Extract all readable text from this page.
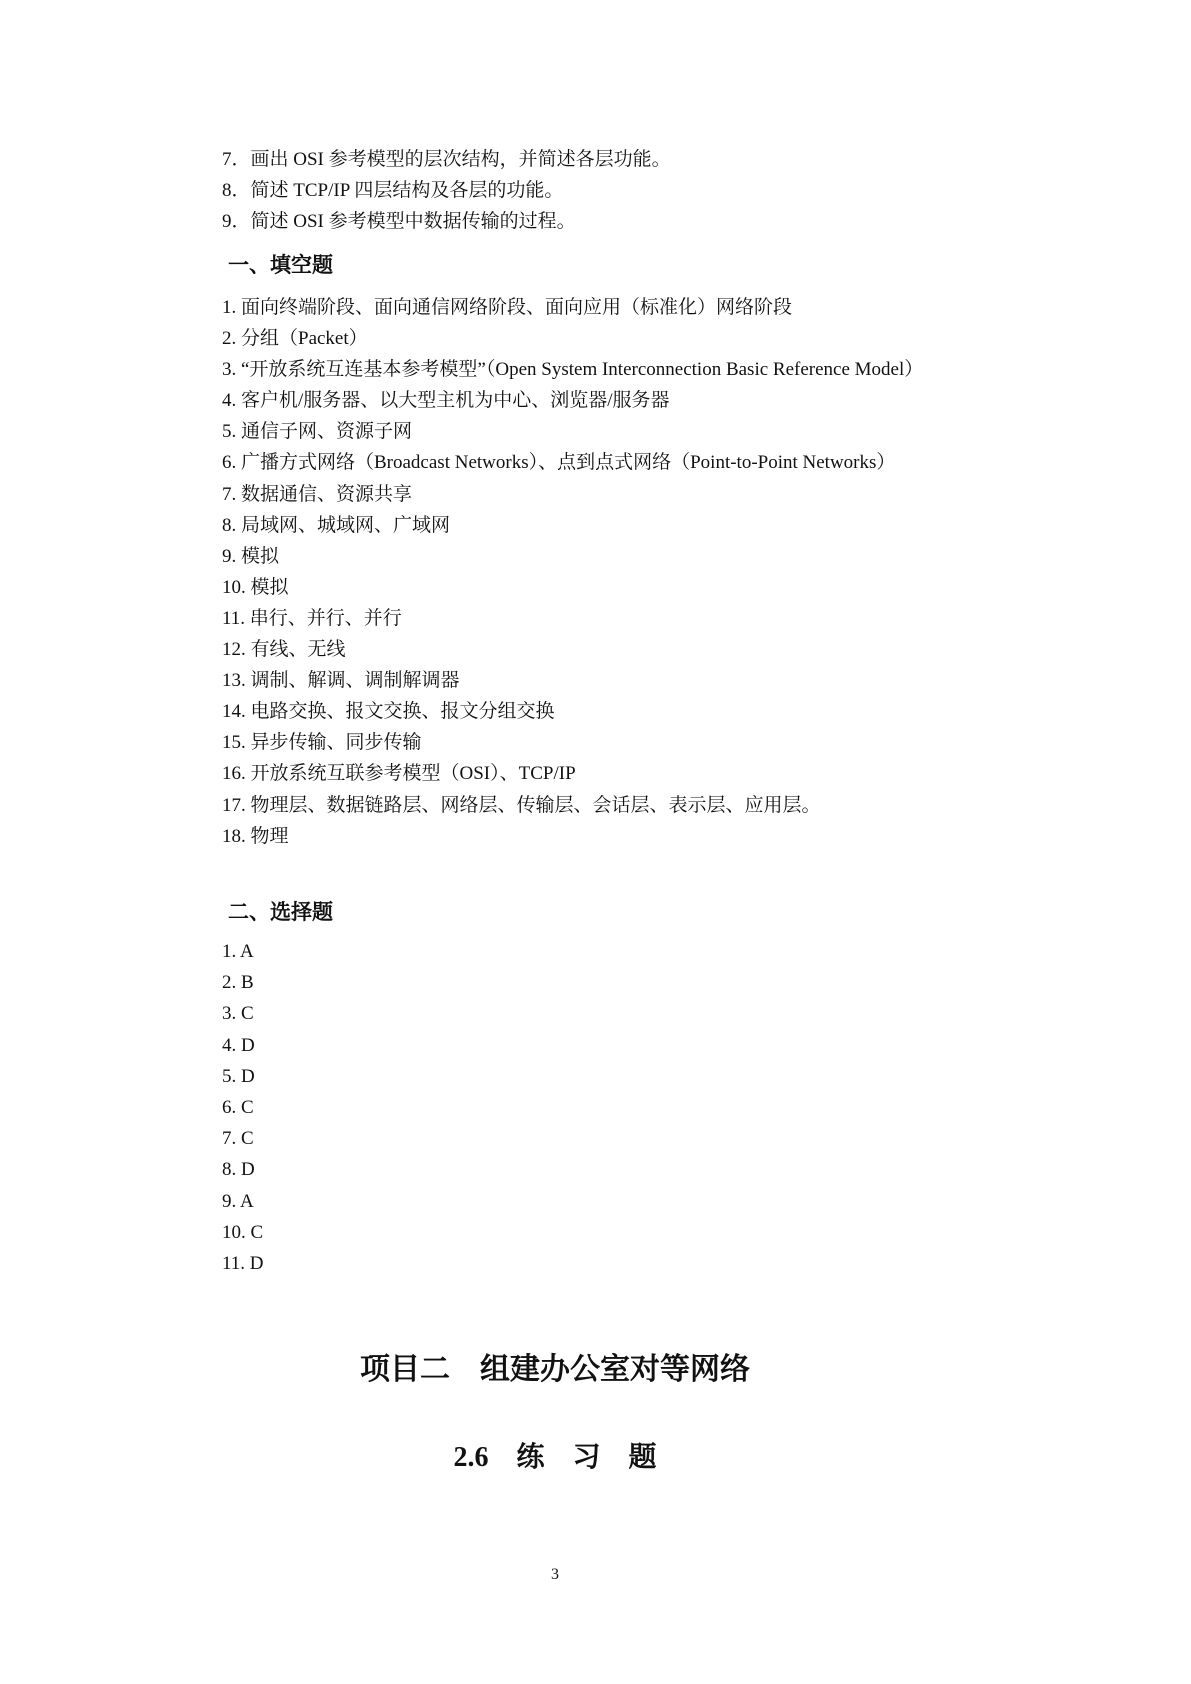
7．画出 OSI 参考模型的层次结构，并简述各层功能。
8．简述 TCP/IP 四层结构及各层的功能。
9．简述 OSI 参考模型中数据传输的过程。
一、填空题
1. 面向终端阶段、面向通信网络阶段、面向应用（标准化）网络阶段
2. 分组（Packet）
3. “开放系统互连基本参考模型”（Open System Interconnection Basic Reference Model）
4. 客户机/服务器、以大型主机为中心、浏览器/服务器
5. 通信子网、资源子网
6. 广播方式网络（Broadcast Networks）、点到点式网络（Point-to-Point Networks）
7. 数据通信、资源共享
8. 局域网、城域网、广域网
9. 模拟
10. 模拟
11. 串行、并行、并行
12. 有线、无线
13. 调制、解调、调制解调器
14. 电路交换、报文交换、报文分组交换
15. 异步传输、同步传输
16. 开放系统互联参考模型（OSI）、TCP/IP
17. 物理层、数据链路层、网络层、传输层、会话层、表示层、应用层。
18. 物理
二、选择题
1. A
2. B
3. C
4. D
5. D
6. C
7. C
8. D
9. A
10. C
11. D
项目二　组建办公室对等网络
2.6　练　习　题
3
